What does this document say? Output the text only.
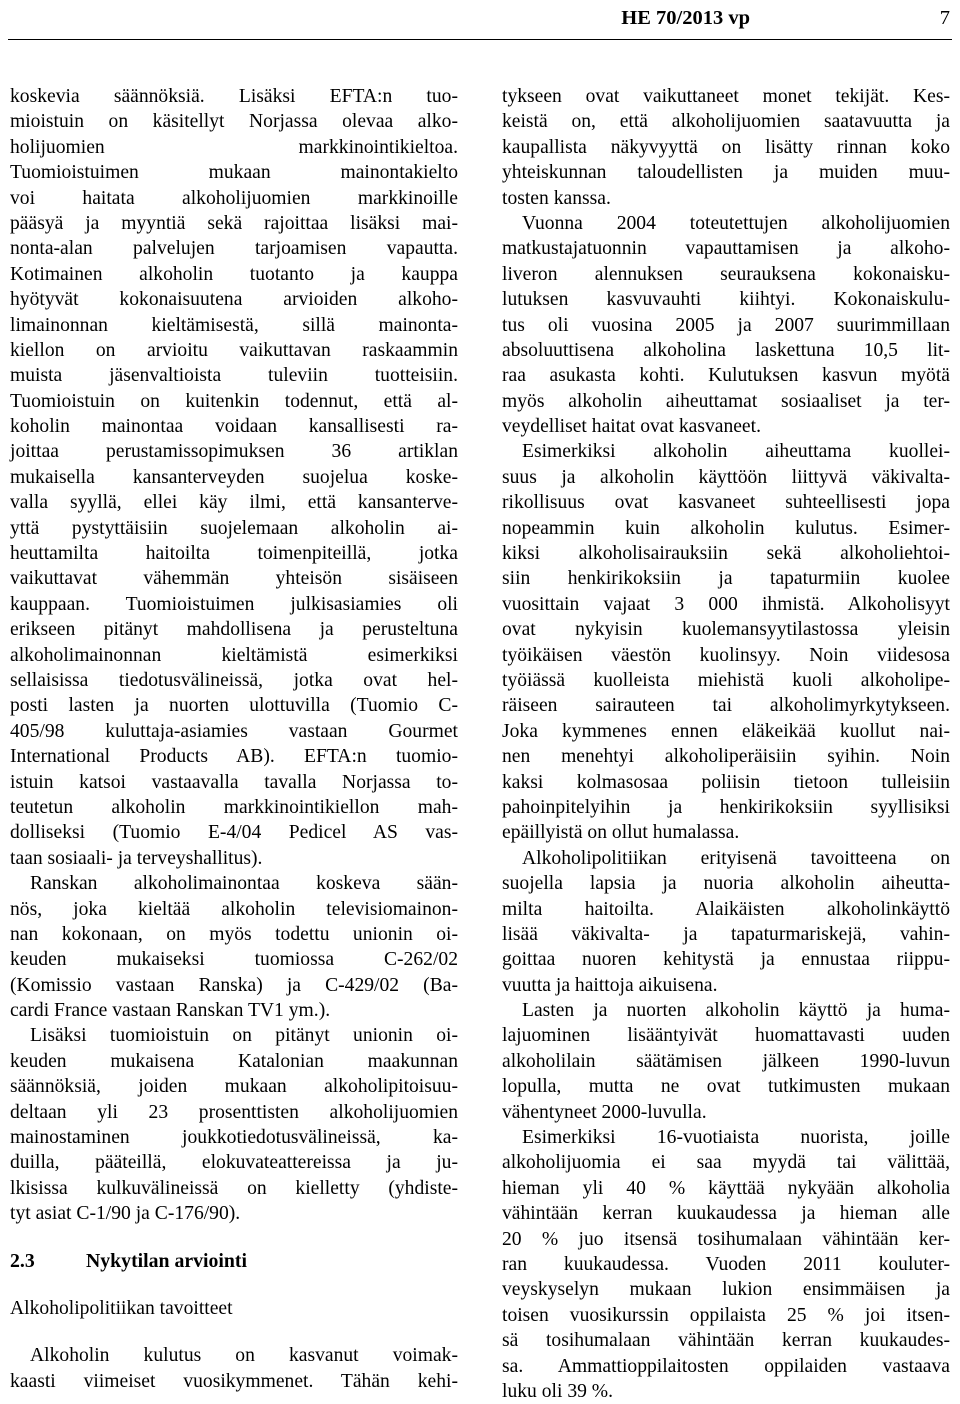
HE 70/2013 vp	7
koskevia säännöksiä. Lisäksi EFTA:n tuo-
mioistuin on käsitellyt Norjassa olevaa alko-
holijuomien markkinointikieltoa.
Tuomioistuimen mukaan mainontakielto
voi haitata alkoholijuomien markkinoille
pääsyä ja myyntiä sekä rajoittaa lisäksi mai-
nonta-alan palvelujen tarjoamisen vapautta.
Kotimainen alkoholin tuotanto ja kauppa
hyötyvät kokonaisuutena arvioiden alkoho-
limainonnan kieltämisestä, sillä mainonta-
kiellon on arvioitu vaikuttavan raskaammin
muista jäsenvaltioista tuleviin tuotteisiin.
Tuomioistuin on kuitenkin todennut, että al-
koholin mainontaa voidaan kansallisesti ra-
joittaa perustamissopimuksen 36 artiklan
mukaisella kansanterveyden suojelua koske-
valla syyllä, ellei käy ilmi, että kansanterve-
yttä pystyttäisiin suojelemaan alkoholin ai-
heuttamilta haitoilta toimenpiteillä, jotka
vaikuttavat vähemmän yhteisön sisäiseen
kauppaan. Tuomioistuimen julkisasiamies oli
erikseen pitänyt mahdollisena ja perusteltuna
alkoholimainonnan kieltämistä esimerkiksi
sellaisissa tiedotusvälineissä, jotka ovat hel-
posti lasten ja nuorten ulottuvilla (Tuomio C-
405/98 kuluttaja-asiamies vastaan Gourmet
International Products AB). EFTA:n tuomio-
istuin katsoi vastaavalla tavalla Norjassa to-
teutetun alkoholin markkinointikiellon mah-
dolliseksi (Tuomio E-4/04 Pedicel AS vas-
taan sosiaali- ja terveyshallitus).
Ranskan alkoholimainontaa koskeva sään-
nös, joka kieltää alkoholin televisiomainon-
nan kokonaan, on myös todettu unionin oi-
keuden mukaiseksi tuomiossa C-262/02
(Komissio vastaan Ranska) ja C-429/02 (Ba-
cardi France vastaan Ranskan TV1 ym.).
Lisäksi tuomioistuin on pitänyt unionin oi-
keuden mukaisena Katalonian maakunnan
säännöksiä, joiden mukaan alkoholipitoisuu-
deltaan yli 23 prosenttisten alkoholijuomien
mainostaminen joukkotiedotusvälineissä, ka-
duilla, pääteillä, elokuvateattereissa ja ju-
lkisissa kulkuvälineissä on kielletty (yhdiste-
tyt asiat C-1/90 ja C-176/90).
2.3	Nykytilan arviointi
Alkoholipolitiikan tavoitteet
Alkoholin kulutus on kasvanut voimak-
kaasti viimeiset vuosikymmenet. Tähän kehi-
tykseen ovat vaikuttaneet monet tekijät. Kes-
keistä on, että alkoholijuomien saatavuutta ja
kaupallista näkyvyyttä on lisätty rinnan koko
yhteiskunnan taloudellisten ja muiden muu-
tosten kanssa.
Vuonna 2004 toteutettujen alkoholijuomien
matkustajatuonnin vapauttamisen ja alkoho-
liveron alennuksen seurauksena kokonaisku-
lutuksen kasvuvauhti kiihtyi. Kokonaiskulu-
tus oli vuosina 2005 ja 2007 suurimmillaan
absoluuttisena alkoholina laskettuna 10,5 lit-
raa asukasta kohti. Kulutuksen kasvun myötä
myös alkoholin aiheuttamat sosiaaliset ja ter-
veydelliset haitat ovat kasvaneet.
Esimerkiksi alkoholin aiheuttama kuollei-
suus ja alkoholin käyttöön liittyvä väkivalta-
rikollisuus ovat kasvaneet suhteellisesti jopa
nopeammin kuin alkoholin kulutus. Esimer-
kiksi alkoholisairauksiin sekä alkoholiehtoi-
siin henkirikoksiin ja tapaturmiin kuolee
vuosittain vajaat 3 000 ihmistä. Alkoholisyyt
ovat nykyisin kuolemansyytilastossa yleisin
työikäisen väestön kuolinsyy. Noin viidesosa
työiässä kuolleista miehistä kuoli alkoholipe-
räiseen sairauteen tai alkoholimyrkytykseen.
Joka kymmenes ennen eläkeikää kuollut nai-
nen menehtyi alkoholiperäisiin syihin. Noin
kaksi kolmasosaa poliisin tietoon tulleisiin
pahoinpitelyihin ja henkirikoksiin syyllisiksi
epäillyistä on ollut humalassa.
Alkoholipolitiikan erityisenä tavoitteena on
suojella lapsia ja nuoria alkoholin aiheutta-
milta haitoilta. Alaikäisten alkoholinkäyttö
lisää väkivalta- ja tapaturmariskejä, vahin-
goittaa nuoren kehitystä ja ennustaa riippu-
vuutta ja haittoja aikuisena.
Lasten ja nuorten alkoholin käyttö ja huma-
lajuominen lisääntyivät huomattavasti uuden
alkoholilain säätämisen jälkeen 1990-luvun
lopulla, mutta ne ovat tutkimusten mukaan
vähentyneet 2000-luvulla.
Esimerkiksi 16-vuotiaista nuorista, joille
alkoholijuomia ei saa myydä tai välittää,
hieman yli 40 % käyttää nykyään alkoholia
vähintään kerran kuukaudessa ja hieman alle
20 % juo itsensä tosihumalaan vähintään ker-
ran kuukaudessa. Vuoden 2011 kouluter-
veyskyselyn mukaan lukion ensimmäisen ja
toisen vuosikurssin oppilaista 25 % joi itsen-
sä tosihumalaan vähintään kerran kuukaudes-
sa. Ammattioppilaitosten oppilaiden vastaava
luku oli 39 %.
